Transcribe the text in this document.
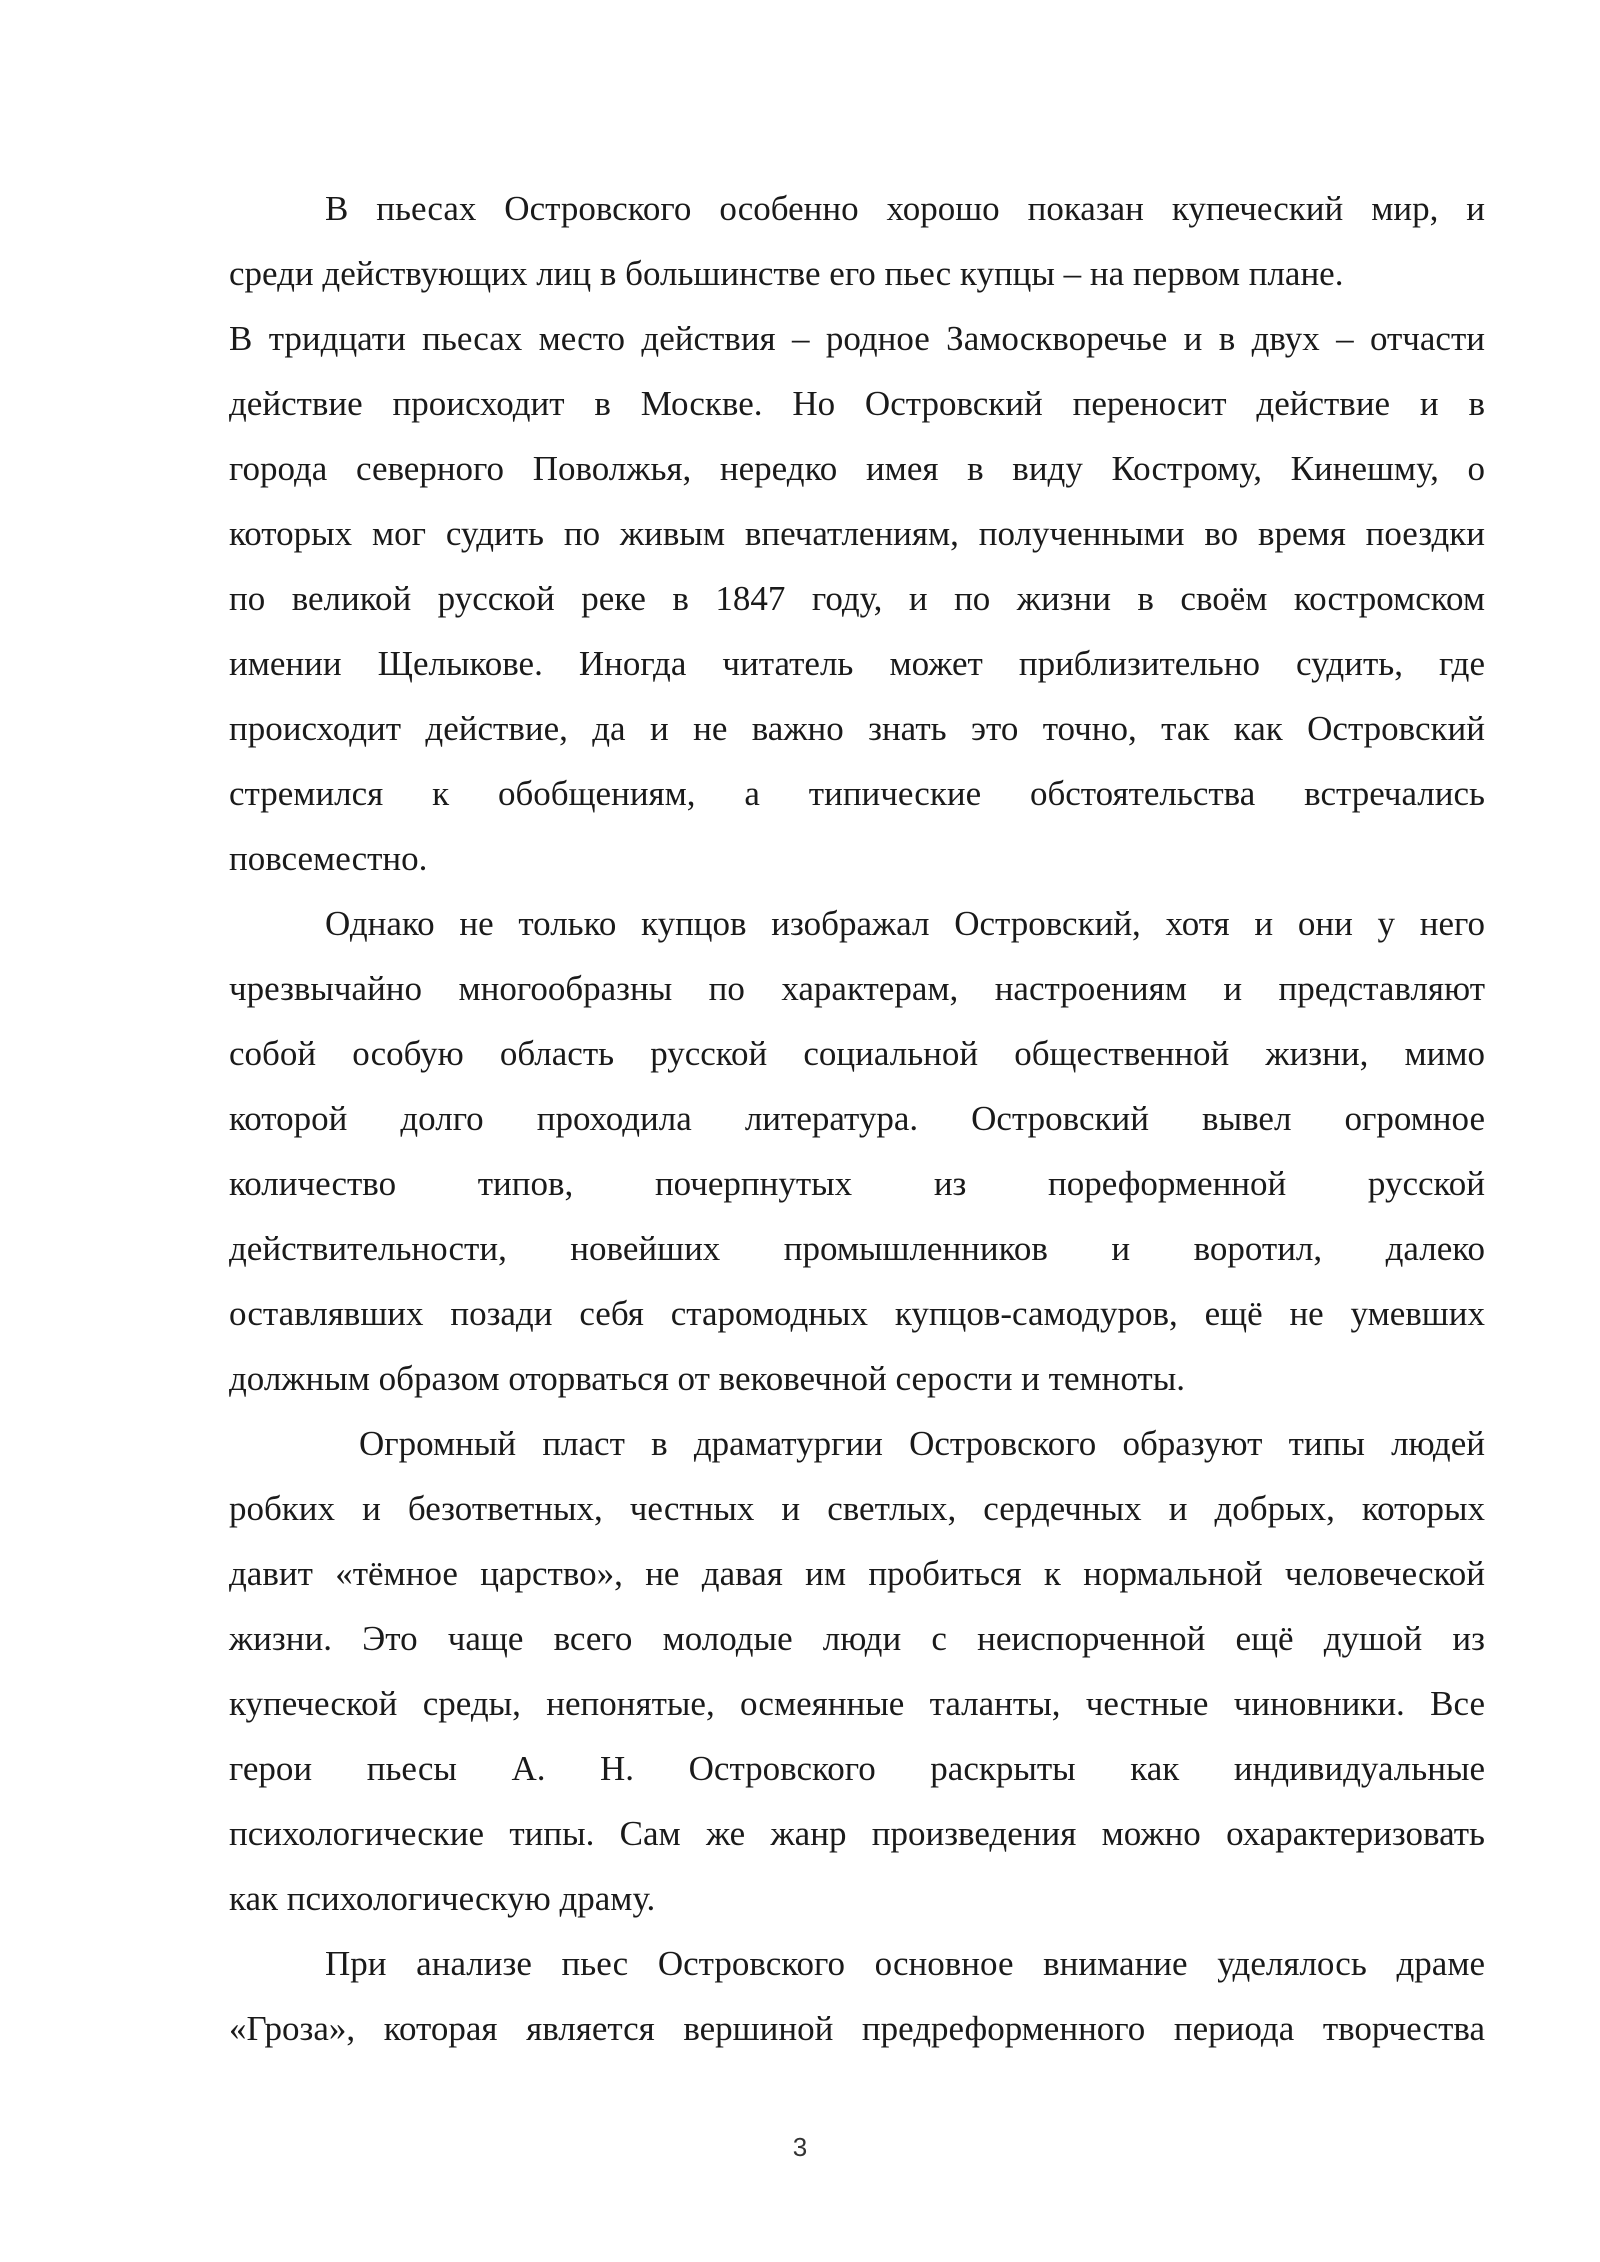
В пьесах Островского особенно хорошо показан купеческий мир, и
среди действующих лиц в большинстве его пьес купцы – на первом плане.
В тридцати пьесах место действия – родное Замоскворечье и в двух – отчасти
действие происходит в Москве. Но Островский переносит действие и в
города северного Поволжья, нередко имея в виду Кострому, Кинешму, о
которых мог судить по живым впечатлениям, полученными во время поездки
по великой русской реке в 1847 году, и по жизни в своём костромском
имении Щелыкове. Иногда читатель может приблизительно судить, где
происходит действие, да и не важно знать это точно, так как Островский
стремился к обобщениям, а типические обстоятельства встречались
повсеместно.
Однако не только купцов изображал Островский, хотя и они у него
чрезвычайно многообразны по характерам, настроениям и представляют
собой особую область русской социальной общественной жизни, мимо
которой долго проходила литература. Островский вывел огромное
количество типов, почерпнутых из пореформенной русской
действительности, новейших промышленников и воротил, далеко
оставлявших позади себя старомодных купцов-самодуров, ещё не умевших
должным образом оторваться от вековечной серости и темноты.
Огромный пласт в драматургии Островского образуют типы людей
робких и безответных, честных и светлых, сердечных и добрых, которых
давит «тёмное царство», не давая им пробиться к нормальной человеческой
жизни. Это чаще всего молодые люди с неиспорченной ещё душой из
купеческой среды, непонятые, осмеянные таланты, честные чиновники. Все
герои пьесы А. Н. Островского раскрыты как индивидуальные
психологические типы. Сам же жанр произведения можно охарактеризовать
как психологическую драму.
При анализе пьес Островского основное внимание уделялось драме
«Гроза», которая является вершиной предреформенного периода творчества
3
